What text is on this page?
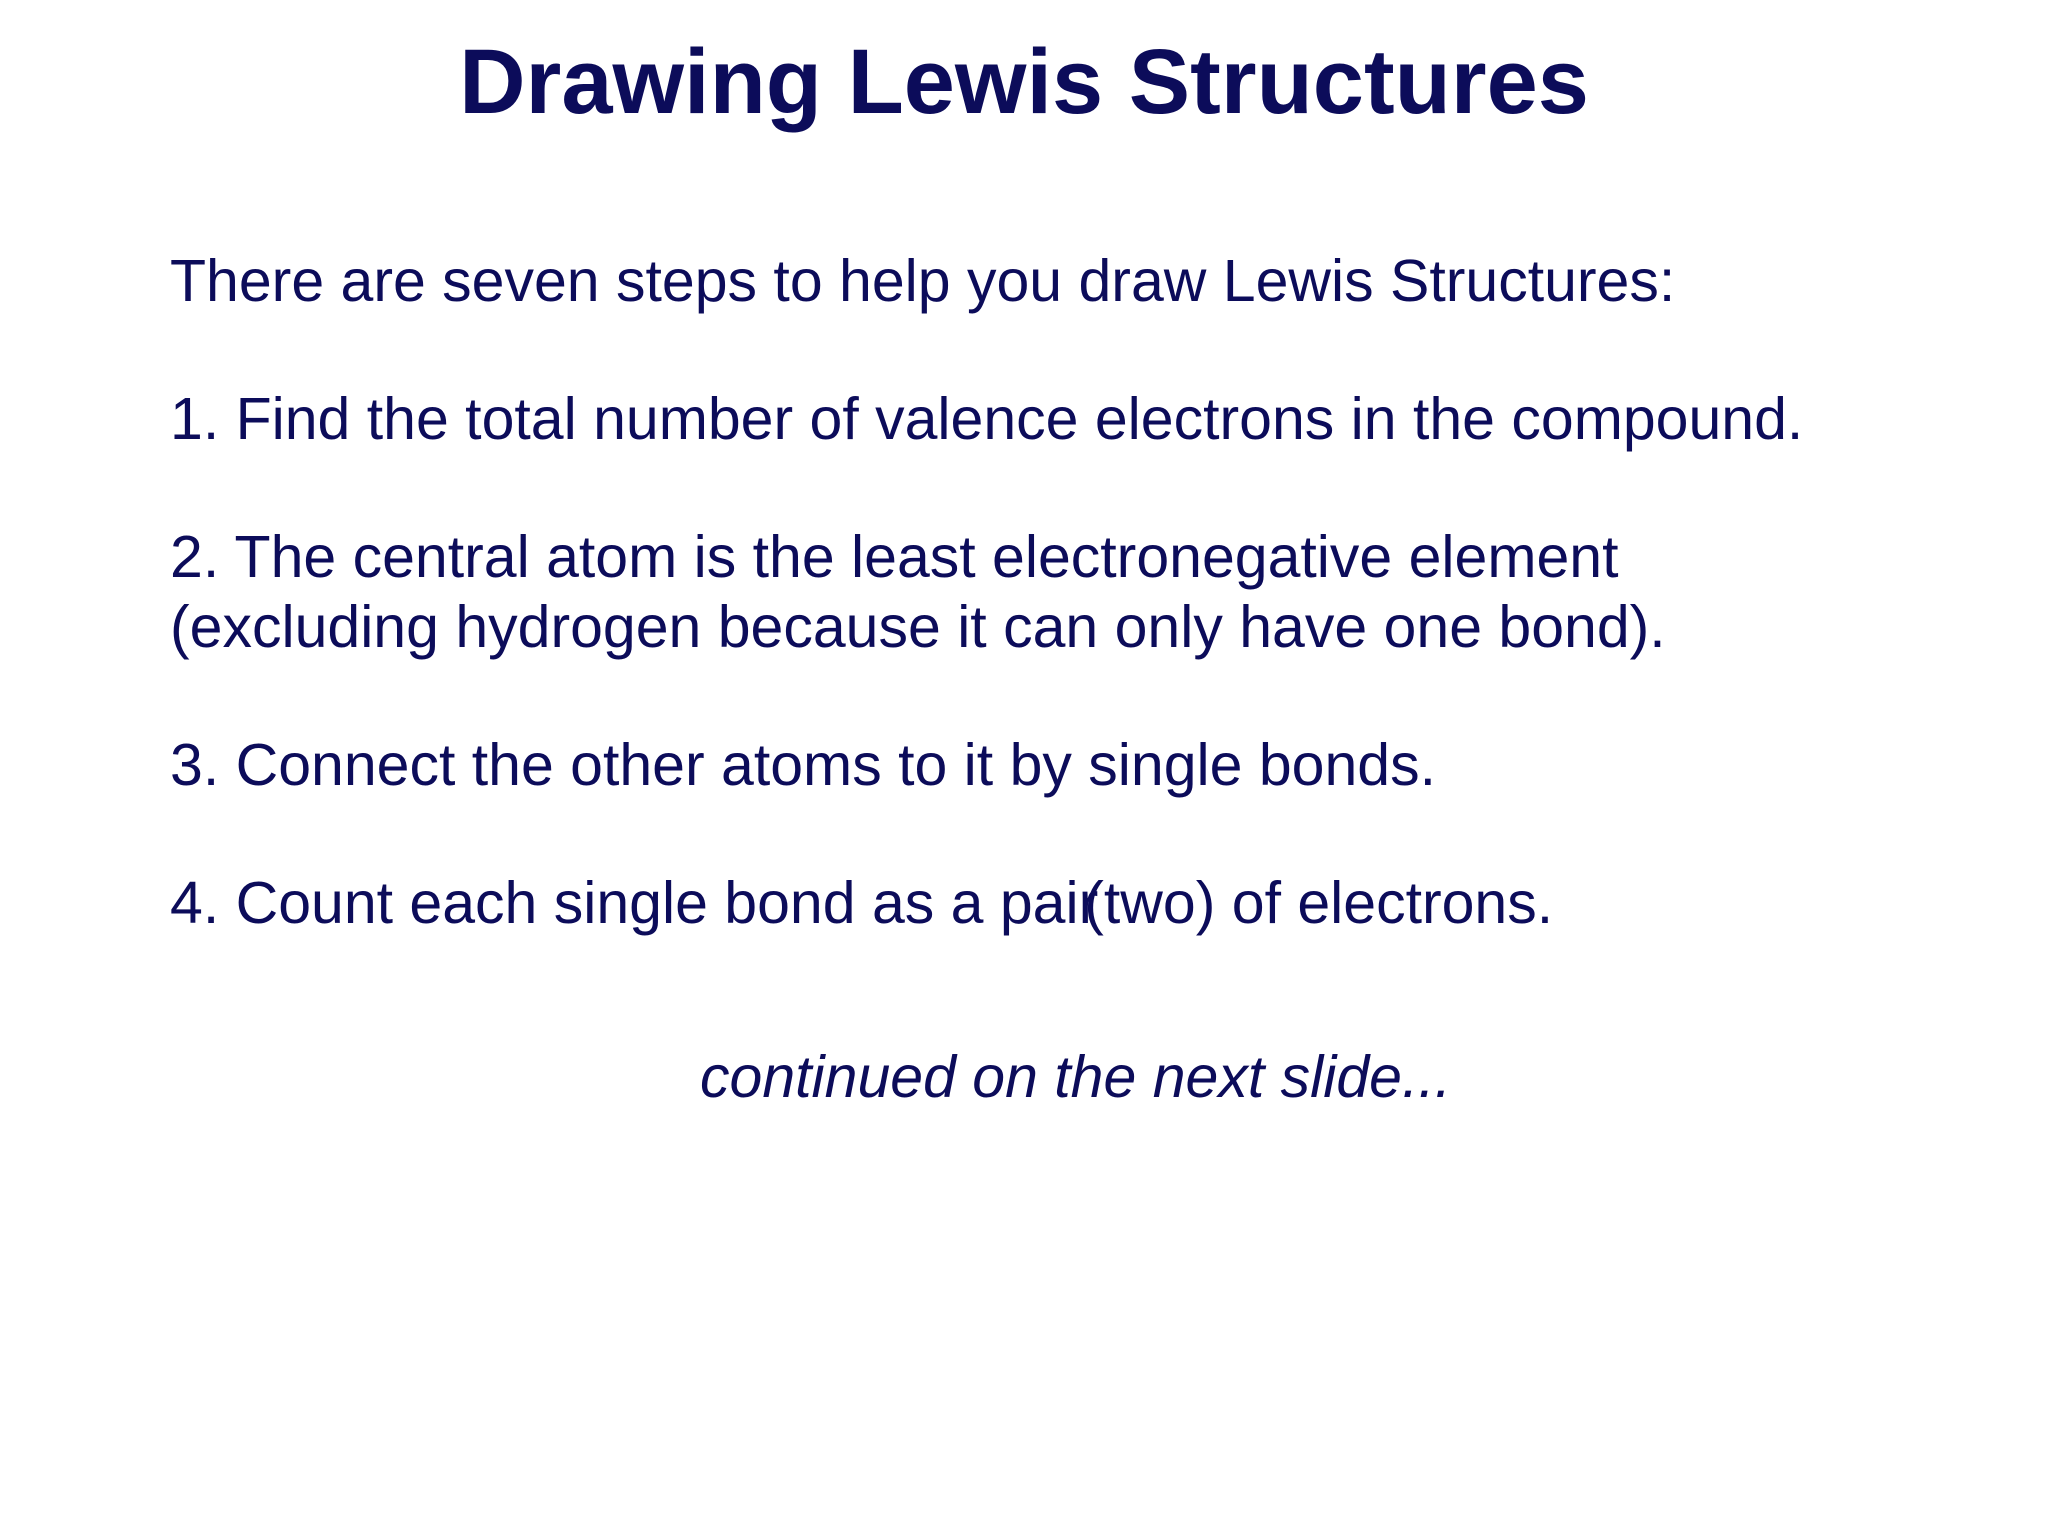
Drawing Lewis Structures

There are seven steps to help you draw Lewis Structures:

1. Find the total number of valence electrons in the compound.

2. The central atom is the least electronegative element

(excluding hydrogen because it can only have one bond).

3. Connect the other atoms to it by single bonds.

4. Count each single bond as a pair(two) of electrons.

continued on the next slide...
